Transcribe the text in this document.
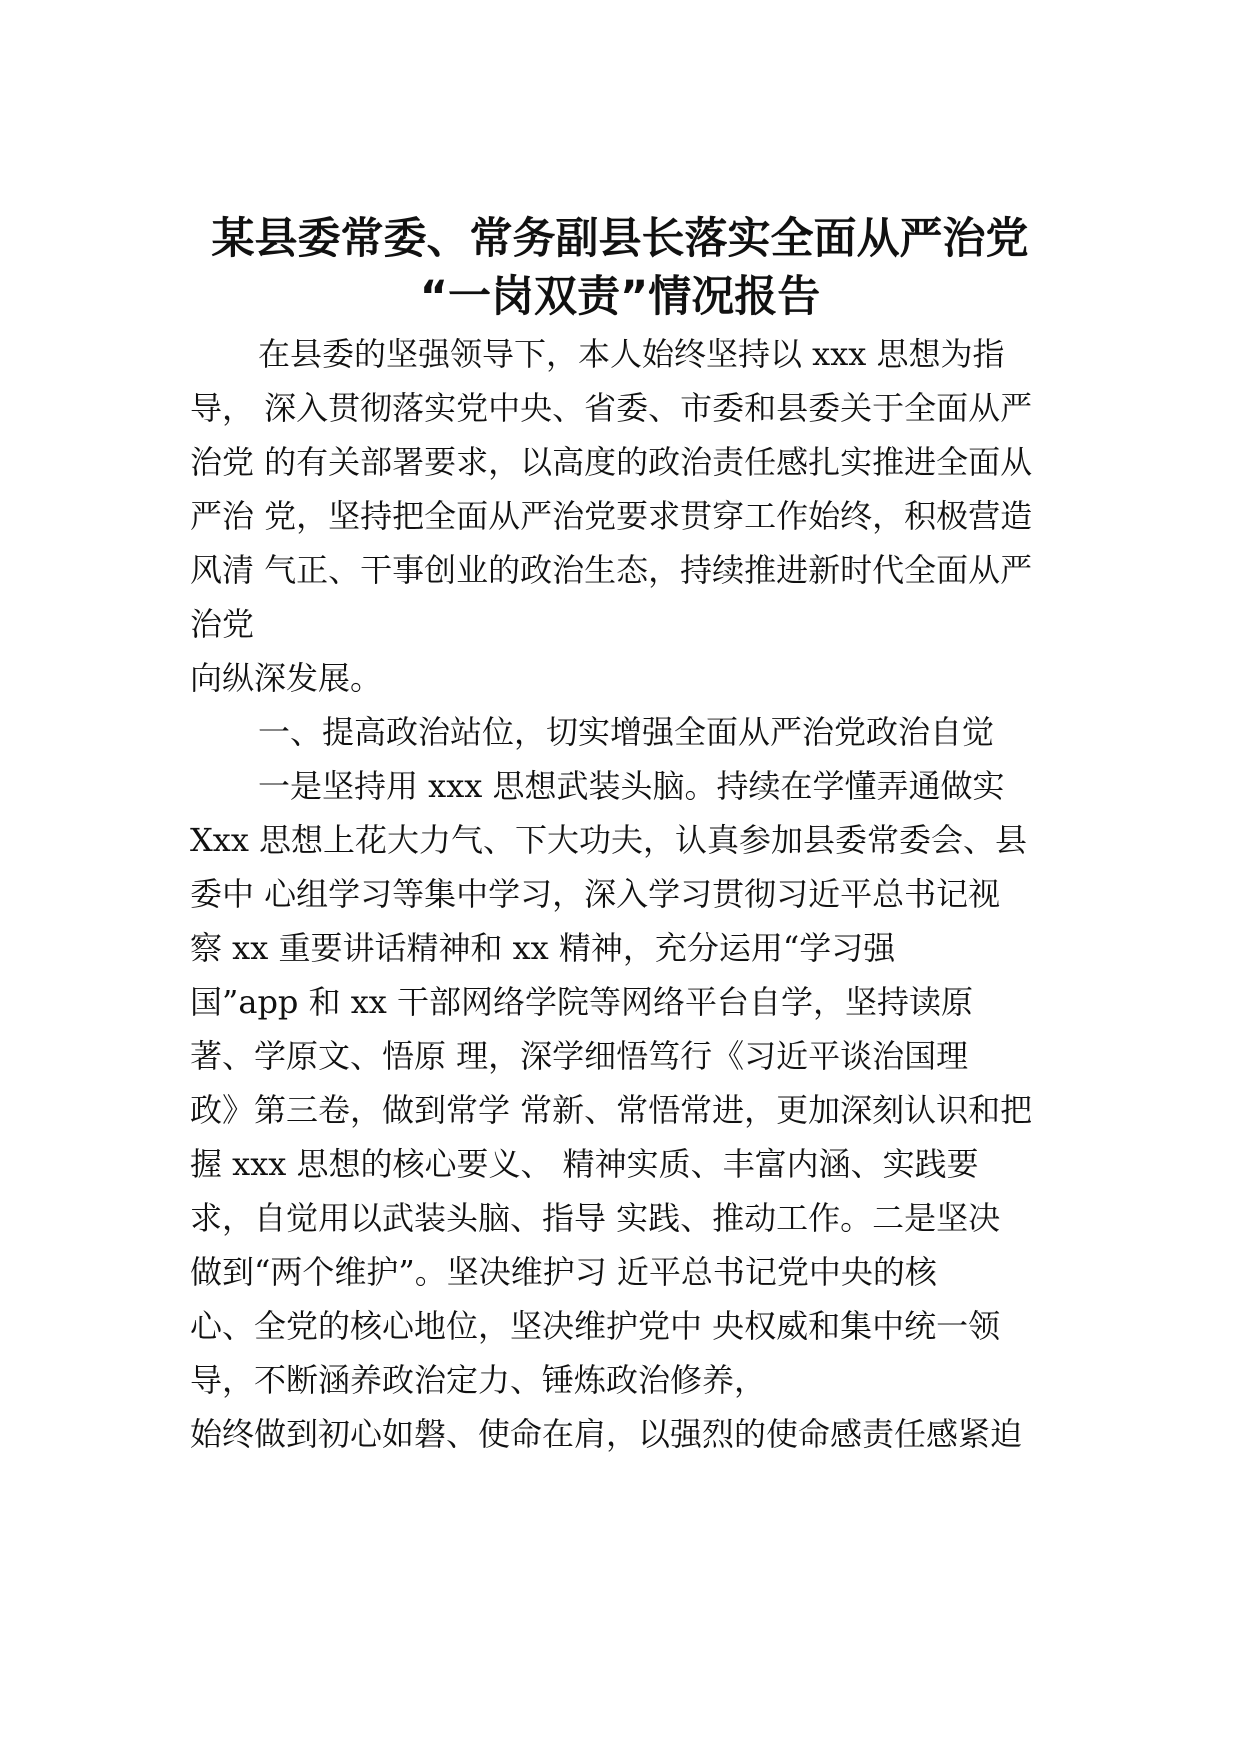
某县委常委、常务副县长落实全面从严治党
“一岗双责”情况报告
在县委的坚强领导下，本人始终坚持以 xxx 思想为指
导， 深入贯彻落实党中央、省委、市委和县委关于全面从严
治党 的有关部署要求，以高度的政治责任感扎实推进全面从
严治 党，坚持把全面从严治党要求贯穿工作始终，积极营造
风清 气正、干事创业的政治生态，持续推进新时代全面从严
治党
向纵深发展。
一、提高政治站位，切实增强全面从严治党政治自觉
一是坚持用 xxx 思想武装头脑。持续在学懂弄通做实
Xxx 思想上花大力气、下大功夫，认真参加县委常委会、县
委中 心组学习等集中学习，深入学习贯彻习近平总书记视
察 xx 重要讲话精神和 xx 精神，充分运用“学习强
国”app 和 xx 干部网络学院等网络平台自学，坚持读原
著、学原文、悟原 理，深学细悟笃行《习近平谈治国理
政》第三卷，做到常学 常新、常悟常进，更加深刻认识和把
握 xxx 思想的核心要义、 精神实质、丰富内涵、实践要
求，自觉用以武装头脑、指导 实践、推动工作。二是坚决
做到“两个维护”。坚决维护习 近平总书记党中央的核
心、全党的核心地位，坚决维护党中 央权威和集中统一领
导，不断涵养政治定力、锤炼政治修养，
始终做到初心如磐、使命在肩，以强烈的使命感责任感紧迫
